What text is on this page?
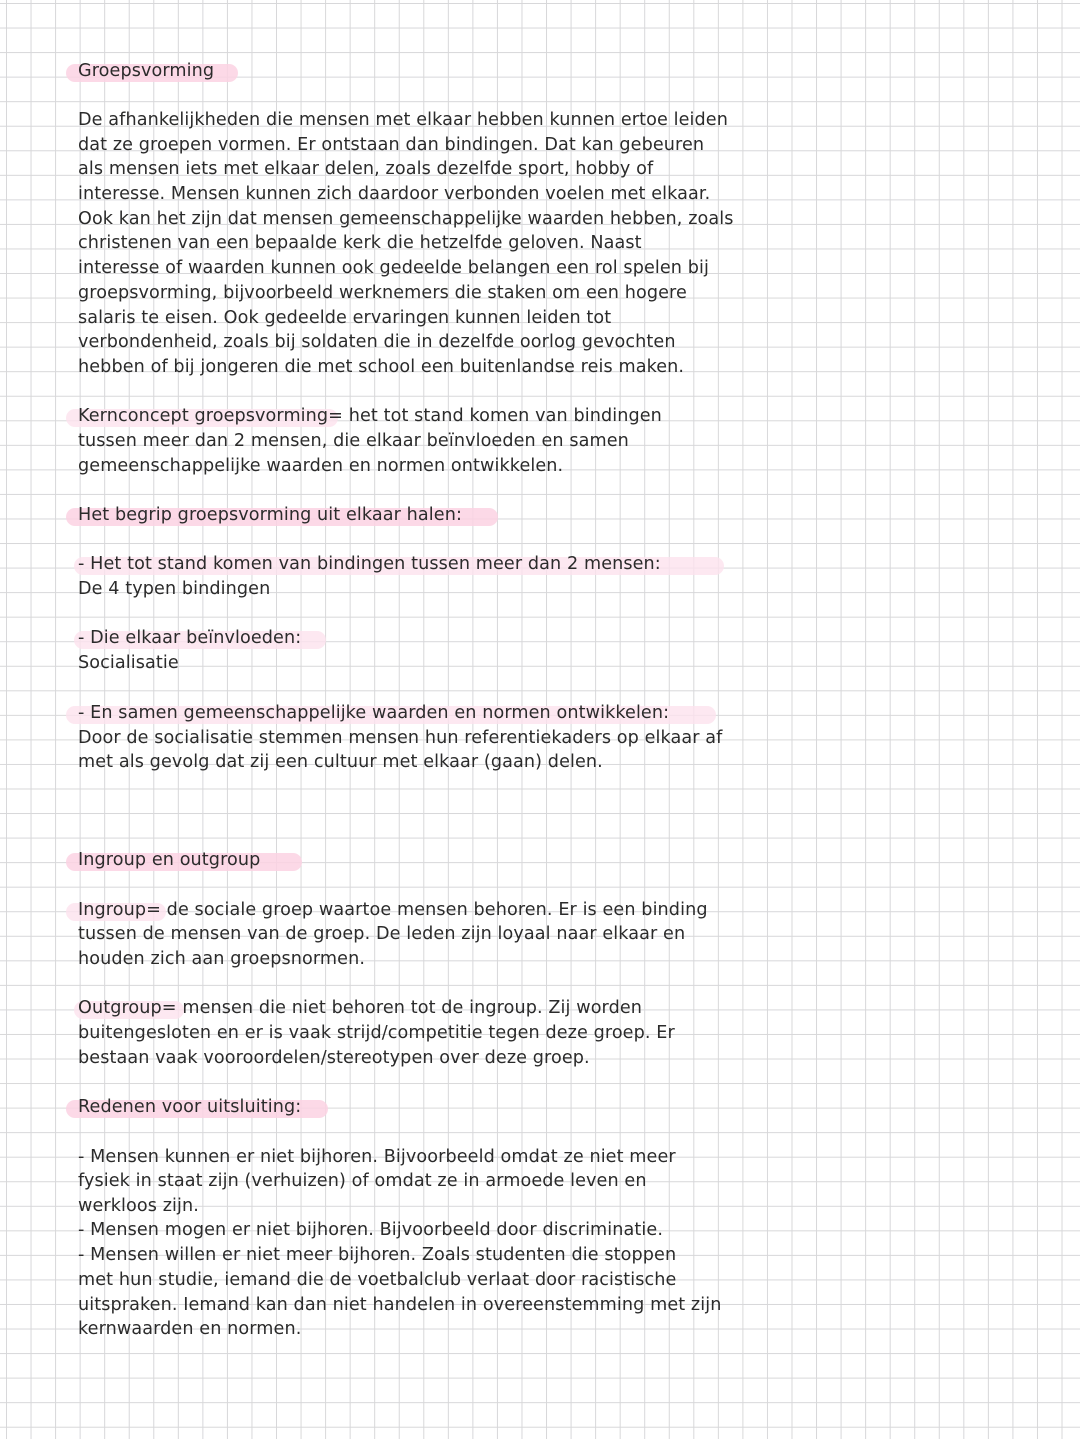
Groepsvorming
De afhankelijkheden die mensen met elkaar hebben kunnen ertoe leiden
dat ze groepen vormen. Er ontstaan dan bindingen. Dat kan gebeuren
als mensen iets met elkaar delen, zoals dezelfde sport, hobby of
interesse. Mensen kunnen zich daardoor verbonden voelen met elkaar.
Ook kan het zijn dat mensen gemeenschappelijke waarden hebben, zoals
christenen van een bepaalde kerk die hetzelfde geloven. Naast
interesse of waarden kunnen ook gedeelde belangen een rol spelen bij
groepsvorming, bijvoorbeeld werknemers die staken om een hogere
salaris te eisen. Ook gedeelde ervaringen kunnen leiden tot
verbondenheid, zoals bij soldaten die in dezelfde oorlog gevochten
hebben of bij jongeren die met school een buitenlandse reis maken.
Kernconcept groepsvorming= het tot stand komen van bindingen
tussen meer dan 2 mensen, die elkaar beïnvloeden en samen
gemeenschappelijke waarden en normen ontwikkelen.
Het begrip groepsvorming uit elkaar halen:
- Het tot stand komen van bindingen tussen meer dan 2 mensen:
De 4 typen bindingen
- Die elkaar beïnvloeden:
Socialisatie
- En samen gemeenschappelijke waarden en normen ontwikkelen:
Door de socialisatie stemmen mensen hun referentiekaders op elkaar af
met als gevolg dat zij een cultuur met elkaar (gaan) delen.
Ingroup en outgroup
Ingroup= de sociale groep waartoe mensen behoren. Er is een binding
tussen de mensen van de groep. De leden zijn loyaal naar elkaar en
houden zich aan groepsnormen.
Outgroup= mensen die niet behoren tot de ingroup. Zij worden
buitengesloten en er is vaak strijd/competitie tegen deze groep. Er
bestaan vaak vooroordelen/stereotypen over deze groep.
Redenen voor uitsluiting:
- Mensen kunnen er niet bijhoren. Bijvoorbeeld omdat ze niet meer
fysiek in staat zijn (verhuizen) of omdat ze in armoede leven en
werkloos zijn.
- Mensen mogen er niet bijhoren. Bijvoorbeeld door discriminatie.
- Mensen willen er niet meer bijhoren. Zoals studenten die stoppen
met hun studie, iemand die de voetbalclub verlaat door racistische
uitspraken. Iemand kan dan niet handelen in overeenstemming met zijn
kernwaarden en normen.
